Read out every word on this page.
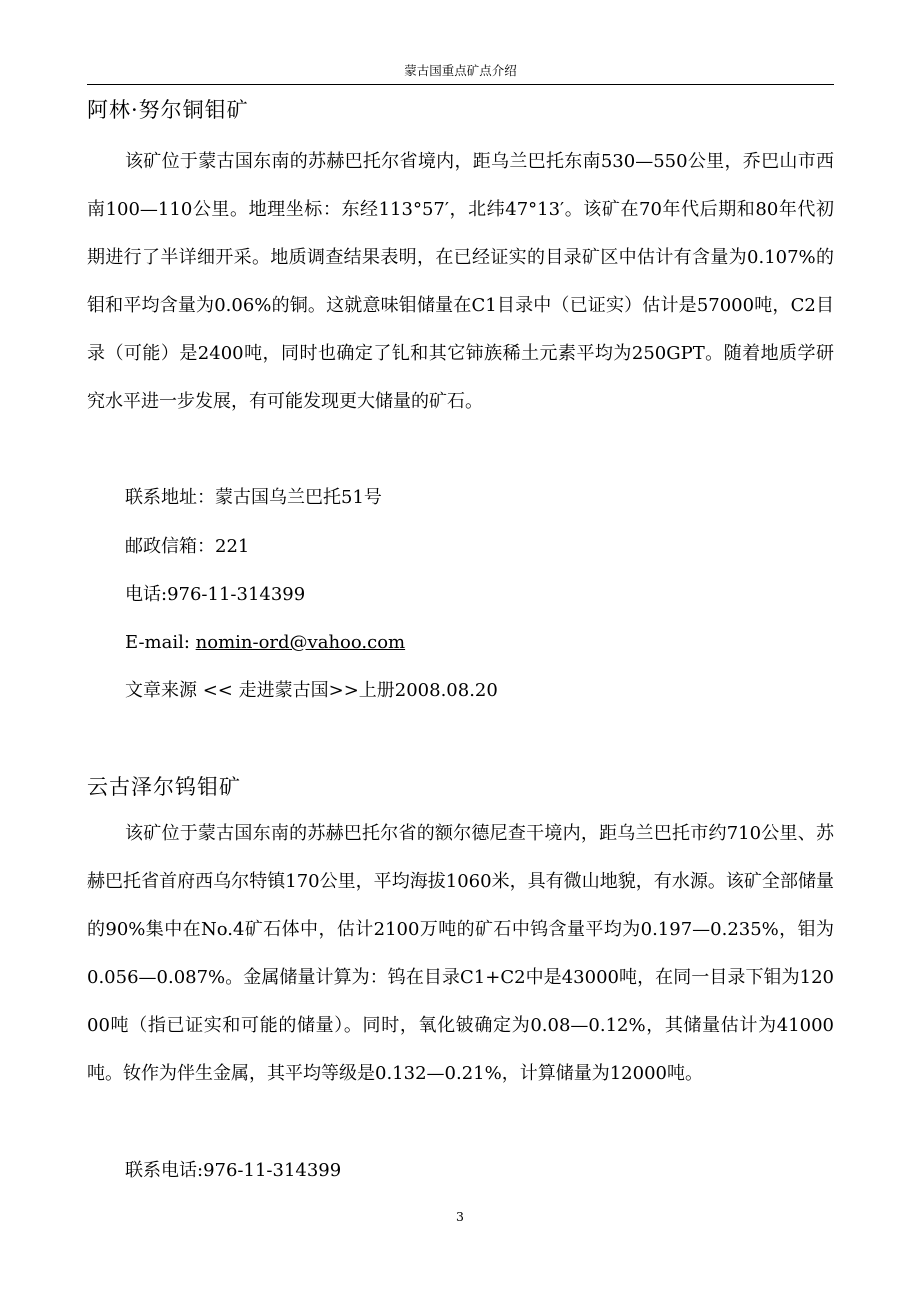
蒙古国重点矿点介绍
阿林·努尔铜钼矿

该矿位于蒙古国东南的苏赫巴托尔省境内，距乌兰巴托东南530—550公里，乔巴山市西南100—110公里。地理坐标：东经113°57′，北纬47°13′。该矿在70年代后期和80年代初期进行了半详细开采。地质调查结果表明，在已经证实的目录矿区中估计有含量为0.107%的钼和平均含量为0.06%的铜。这就意味钼储量在C1目录中（已证实）估计是57000吨，C2目录（可能）是2400吨，同时也确定了钆和其它铈族稀土元素平均为250GPT。随着地质学研究水平进一步发展，有可能发现更大储量的矿石。

联系地址：蒙古国乌兰巴托51号
邮政信箱：221
电话:976-11-314399
E-mail: nomin-ord@vahoo.com
文章来源 << 走进蒙古国>>上册2008.08.20
云古泽尔钨钼矿

该矿位于蒙古国东南的苏赫巴托尔省的额尔德尼查干境内，距乌兰巴托市约710公里、苏赫巴托省首府西乌尔特镇170公里，平均海拔1060米，具有微山地貌，有水源。该矿全部储量的90%集中在No.4矿石体中，估计2100万吨的矿石中钨含量平均为0.197—0.235%，钼为0.056—0.087%。金属储量计算为：钨在目录C1+C2中是43000吨，在同一目录下钼为12000吨（指已证实和可能的储量）。同时，氧化铍确定为0.08—0.12%，其储量估计为41000吨。钕作为伴生金属，其平均等级是0.132—0.21%，计算储量为12000吨。

联系电话:976-11-314399
3
